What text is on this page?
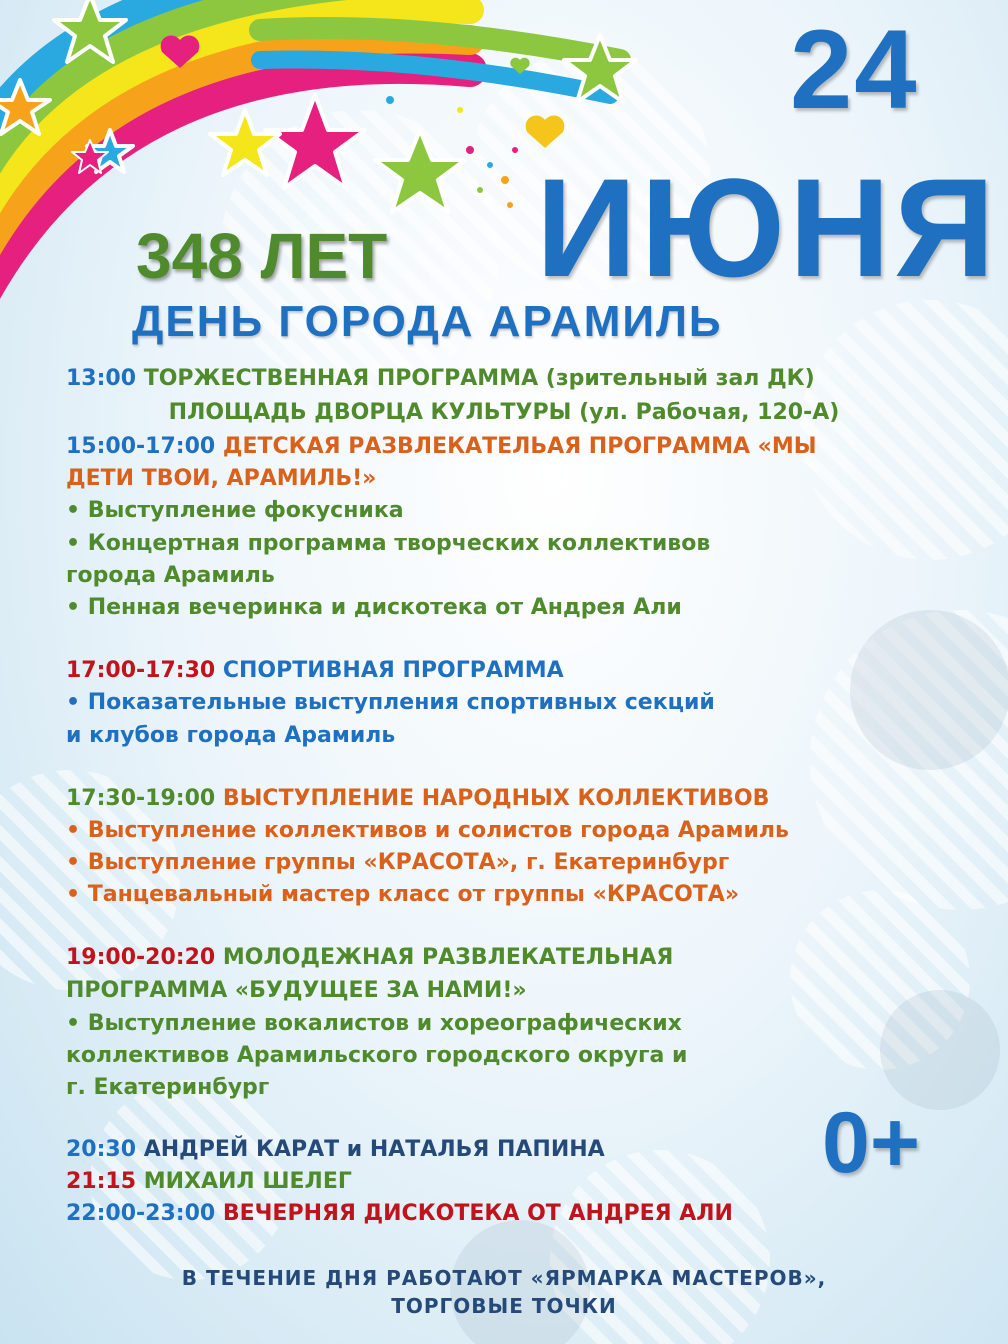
24
ИЮНЯ
348 ЛЕТ
ДЕНЬ ГОРОДА АРАМИЛЬ
13:00 ТОРЖЕСТВЕННАЯ ПРОГРАММА (зрительный зал ДК)
ПЛОЩАДЬ ДВОРЦА КУЛЬТУРЫ (ул. Рабочая, 120-А)
15:00-17:00 ДЕТСКАЯ РАЗВЛЕКАТЕЛЬАЯ ПРОГРАММА «МЫ
ДЕТИ ТВОИ, АРАМИЛЬ!»
• Выступление фокусника
• Концертная программа творческих коллективов
города Арамиль
• Пенная вечеринка и дискотека от Андрея Али
17:00-17:30 СПОРТИВНАЯ ПРОГРАММА
• Показательные выступления спортивных секций
и клубов города Арамиль
17:30-19:00 ВЫСТУПЛЕНИЕ НАРОДНЫХ КОЛЛЕКТИВОВ
• Выступление коллективов и солистов города Арамиль
• Выступление группы «КРАСОТА», г. Екатеринбург
• Танцевальный мастер класс от группы «КРАСОТА»
19:00-20:20 МОЛОДЕЖНАЯ РАЗВЛЕКАТЕЛЬНАЯ
ПРОГРАММА «БУДУЩЕЕ ЗА НАМИ!»
• Выступление вокалистов и хореографических
коллективов Арамильского городского округа и
г. Екатеринбург
20:30 АНДРЕЙ КАРАТ и НАТАЛЬЯ ПАПИНА
21:15 МИХАИЛ ШЕЛЕГ
22:00-23:00 ВЕЧЕРНЯЯ ДИСКОТЕКА ОТ АНДРЕЯ АЛИ
0+
В ТЕЧЕНИЕ ДНЯ РАБОТАЮТ «ЯРМАРКА МАСТЕРОВ»,
ТОРГОВЫЕ ТОЧКИ
